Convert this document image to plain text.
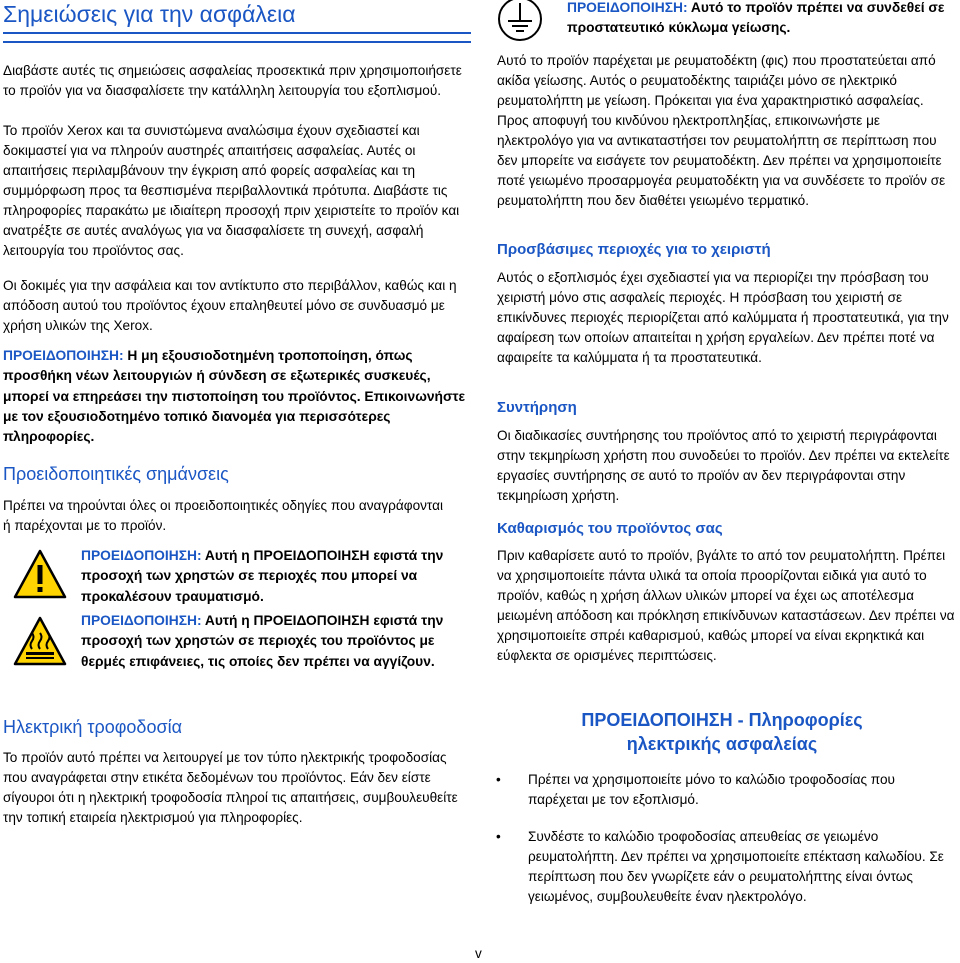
Σημειώσεις για την ασφάλεια

Διαβάστε αυτές τις σημειώσεις ασφαλείας προσεκτικά πριν χρησιμοποιήσετε το προϊόν για να διασφαλίσετε την κατάλληλη λειτουργία του εξοπλισμού.

Το προϊόν Xerox και τα συνιστώμενα αναλώσιμα έχουν σχεδιαστεί και δοκιμαστεί για να πληρούν αυστηρές απαιτήσεις ασφαλείας. Αυτές οι απαιτήσεις περιλαμβάνουν την έγκριση από φορείς ασφαλείας και τη συμμόρφωση προς τα θεσπισμένα περιβαλλοντικά πρότυπα. Διαβάστε τις πληροφορίες παρακάτω με ιδιαίτερη προσοχή πριν χειριστείτε το προϊόν και ανατρέξτε σε αυτές αναλόγως για να διασφαλίσετε τη συνεχή, ασφαλή λειτουργία του προϊόντος σας.

Οι δοκιμές για την ασφάλεια και τον αντίκτυπο στο περιβάλλον, καθώς και η απόδοση αυτού του προϊόντος έχουν επαληθευτεί μόνο σε συνδυασμό με χρήση υλικών της Xerox.

ΠΡΟΕΙΔΟΠΟΙΗΣΗ: Η μη εξουσιοδοτημένη τροποποίηση, όπως προσθήκη νέων λειτουργιών ή σύνδεση σε εξωτερικές συσκευές, μπορεί να επηρεάσει την πιστοποίηση του προϊόντος. Επικοινωνήστε με τον εξουσιοδοτημένο τοπικό διανομέα για περισσότερες πληροφορίες.

Προειδοποιητικές σημάνσεις

Πρέπει να τηρούνται όλες οι προειδοποιητικές οδηγίες που αναγράφονται ή παρέχονται με το προϊόν.

ΠΡΟΕΙΔΟΠΟΙΗΣΗ: Αυτή η ΠΡΟΕΙΔΟΠΟΙΗΣΗ εφιστά την προσοχή των χρηστών σε περιοχές που μπορεί να προκαλέσουν τραυματισμό.

ΠΡΟΕΙΔΟΠΟΙΗΣΗ: Αυτή η ΠΡΟΕΙΔΟΠΟΙΗΣΗ εφιστά την προσοχή των χρηστών σε περιοχές του προϊόντος με θερμές επιφάνειες, τις οποίες δεν πρέπει να αγγίζουν.

Ηλεκτρική τροφοδοσία

Το προϊόν αυτό πρέπει να λειτουργεί με τον τύπο ηλεκτρικής τροφοδοσίας που αναγράφεται στην ετικέτα δεδομένων του προϊόντος. Εάν δεν είστε σίγουροι ότι η ηλεκτρική τροφοδοσία πληροί τις απαιτήσεις, συμβουλευθείτε την τοπική εταιρεία ηλεκτρισμού για πληροφορίες.

ΠΡΟΕΙΔΟΠΟΙΗΣΗ: Αυτό το προϊόν πρέπει να συνδεθεί σε προστατευτικό κύκλωμα γείωσης.

Αυτό το προϊόν παρέχεται με ρευματοδέκτη (φις) που προστατεύεται από ακίδα γείωσης. Αυτός ο ρευματοδέκτης ταιριάζει μόνο σε ηλεκτρικό ρευματολήπτη με γείωση. Πρόκειται για ένα χαρακτηριστικό ασφαλείας. Προς αποφυγή του κινδύνου ηλεκτροπληξίας, επικοινωνήστε με ηλεκτρολόγο για να αντικαταστήσει τον ρευματολήπτη σε περίπτωση που δεν μπορείτε να εισάγετε τον ρευματοδέκτη. Δεν πρέπει να χρησιμοποιείτε ποτέ γειωμένο προσαρμογέα ρευματοδέκτη για να συνδέσετε το προϊόν σε ρευματολήπτη που δεν διαθέτει γειωμένο τερματικό.

Προσβάσιμες περιοχές για το χειριστή

Αυτός ο εξοπλισμός έχει σχεδιαστεί για να περιορίζει την πρόσβαση του χειριστή μόνο στις ασφαλείς περιοχές. Η πρόσβαση του χειριστή σε επικίνδυνες περιοχές περιορίζεται από καλύμματα ή προστατευτικά, για την αφαίρεση των οποίων απαιτείται η χρήση εργαλείων. Δεν πρέπει ποτέ να αφαιρείτε τα καλύμματα ή τα προστατευτικά.

Συντήρηση

Οι διαδικασίες συντήρησης του προϊόντος από το χειριστή περιγράφονται στην τεκμηρίωση χρήστη που συνοδεύει το προϊόν. Δεν πρέπει να εκτελείτε εργασίες συντήρησης σε αυτό το προϊόν αν δεν περιγράφονται στην τεκμηρίωση χρήστη.

Καθαρισμός του προϊόντος σας

Πριν καθαρίσετε αυτό το προϊόν, βγάλτε το από τον ρευματολήπτη. Πρέπει να χρησιμοποιείτε πάντα υλικά τα οποία προορίζονται ειδικά για αυτό το προϊόν, καθώς η χρήση άλλων υλικών μπορεί να έχει ως αποτέλεσμα μειωμένη απόδοση και πρόκληση επικίνδυνων καταστάσεων. Δεν πρέπει να χρησιμοποιείτε σπρέι καθαρισμού, καθώς μπορεί να είναι εκρηκτικά και εύφλεκτα σε ορισμένες περιπτώσεις.

ΠΡΟΕΙΔΟΠΟΙΗΣΗ - Πληροφορίες
ηλεκτρικής ασφαλείας
• Πρέπει να χρησιμοποιείτε μόνο το καλώδιο τροφοδοσίας που παρέχεται με τον εξοπλισμό.
• Συνδέστε το καλώδιο τροφοδοσίας απευθείας σε γειωμένο ρευματολήπτη. Δεν πρέπει να χρησιμοποιείτε επέκταση καλωδίου. Σε περίπτωση που δεν γνωρίζετε εάν ο ρευματολήπτης είναι όντως γειωμένος, συμβουλευθείτε έναν ηλεκτρολόγο.
v
